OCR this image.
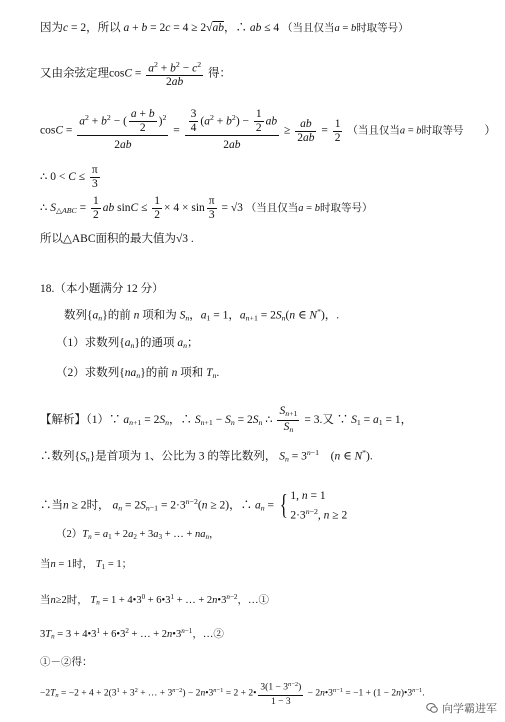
因为c = 2，所以 a + b = 2c = 4 ≥ 2√ab，∴ ab ≤ 4 （当且仅当a = b时取等号）
又由余弦定理$\cos C = \frac{a^2 + b^2 - c^2}{2ab}$ 得：
$\cos C = \frac{a^2 + b^2 - ( \frac{a + b}{2} )^2}{2ab} = \frac{\frac{3}{4} (a^2 + b^2) - \frac{1}{2} ab}{2ab} \ge \frac{ab}{2ab} = \frac{1}{2}$ （当且仅当a = b时取等号 ）
∴ $0 < C \le \frac{\pi}{3}$
∴ $S_{\triangle ABC} = \frac{1}{2}$ ab $\sin C \le \frac{1}{2} \times 4 \times \sin \frac{\pi}{3} = √3$ （当且仅当a = b时取等号）
所以△ABC面积的最大值为√3 .
18.（本小题满分 12 分）
数列$\{a_n\}$的前 n 项和为 $S_n$，$a_1 = 1$，$a_{n+1} = 2S_n(n$ ∈ N*)，.
（1）求数列$\{a_n\}$的通项 $a_n$；
（2）求数列$\{na_n\}$的前 n 项和 $T_n$.
【解析】（1）∵ $a_{n+1} = 2S_n$，∴ $S_{n+1} - S_n = 2S_n$ ∴ $\frac{S_{n+1}}{S_n} = 3$.又 ∵ $S_1 = a_1 = 1$，
∴数列$\{S_n\}$是首项为 1、公比为 3 的等比数列， $S_n = 3^{n-1}$　(n ∈ N*).
∴当n ≥ 2时， $a_n = 2S_{n-1} = 2\cdot 3^{n-2}(n \ge 2)$，∴ $a_n$ = { 1, n = 1
$2\cdot 3^{n-2}$, n ≥ 2
$(2)T_n = a_1 + 2a_2 + 3a_3$ + … + $na_n$，
当n = 1时， $T_1 = 1$；
当n≥2时， $T_n = 1$ + $4•3^0$ + $6•3^1$ + … + $2n•3^{n-2}$，…①
$3T_n = 3$ + $4•3^1$ + $6•3^2$ + … + $2n•3^{n-1}$，…②
①－②得：
$-2T_n = -2 + 4 + 2(3^1 + 3^2$ + … + $3^{n-2}$) − $2n•3^{n-1} = 2$ + 2• $\frac{3(1 - 3^{n-2})}{1 - 3}$ − $2n•3^{n-1} = -1 + (1$ − $2n)•3^{n-1}$.
向学霸进军
